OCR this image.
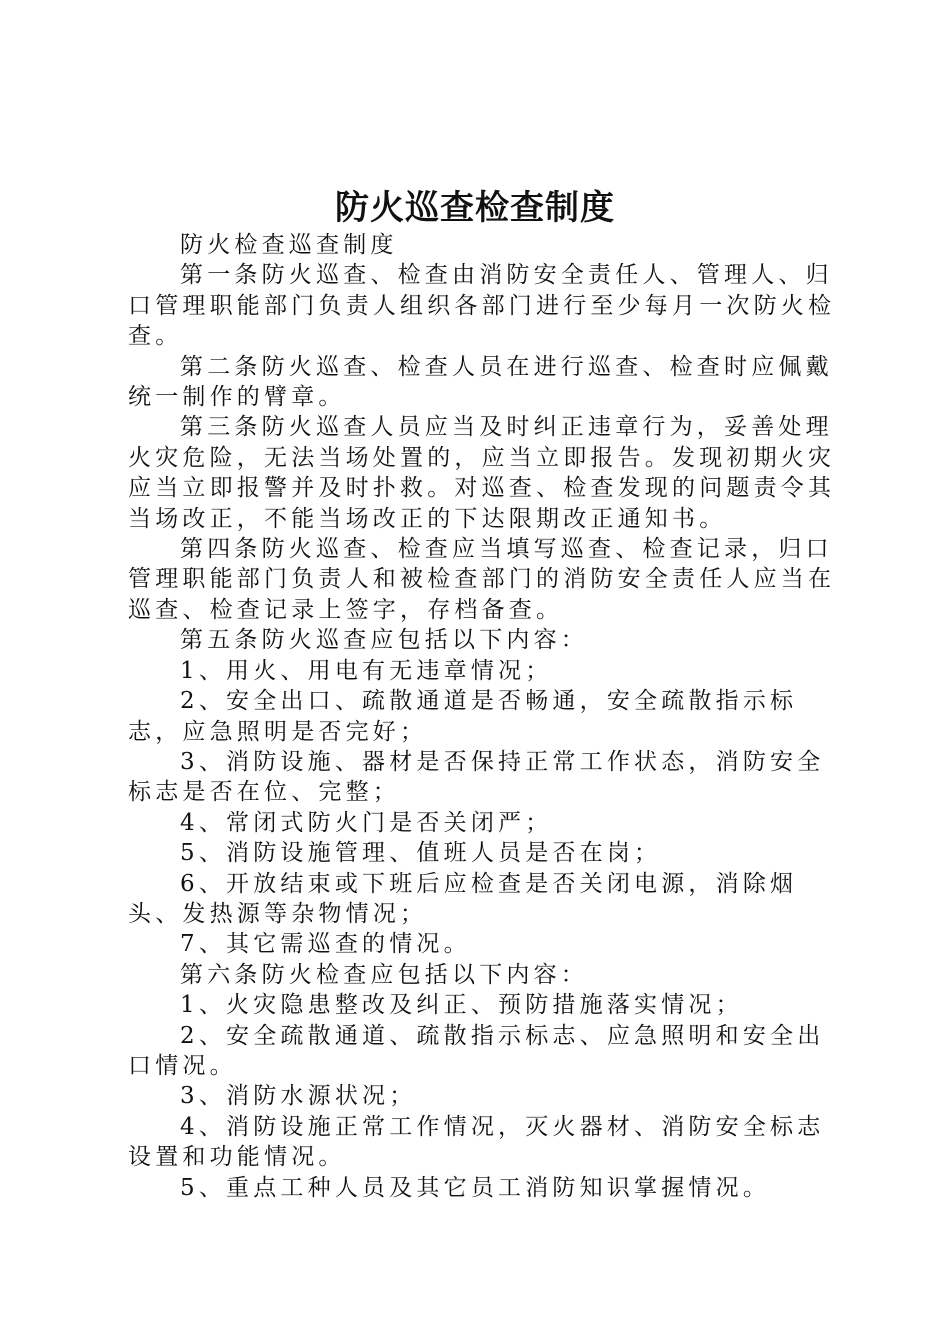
防火巡查检查制度

防火检查巡查制度

第一条防火巡查、检查由消防安全责任人、管理人、归口管理职能部门负责人组织各部门进行至少每月一次防火检查。

第二条防火巡查、检查人员在进行巡查、检查时应佩戴统一制作的臂章。

第三条防火巡查人员应当及时纠正违章行为，妥善处理火灾危险，无法当场处置的，应当立即报告。发现初期火灾应当立即报警并及时扑救。对巡查、检查发现的问题责令其当场改正，不能当场改正的下达限期改正通知书。

第四条防火巡查、检查应当填写巡查、检查记录，归口管理职能部门负责人和被检查部门的消防安全责任人应当在巡查、检查记录上签字，存档备查。

第五条防火巡查应包括以下内容：

1、用火、用电有无违章情况；

2、安全出口、疏散通道是否畅通，安全疏散指示标志，应急照明是否完好；

3、消防设施、器材是否保持正常工作状态，消防安全标志是否在位、完整；

4、常闭式防火门是否关闭严；

5、消防设施管理、值班人员是否在岗；

6、开放结束或下班后应检查是否关闭电源，消除烟头、发热源等杂物情况；

7、其它需巡查的情况。

第六条防火检查应包括以下内容：

1、火灾隐患整改及纠正、预防措施落实情况；

2、安全疏散通道、疏散指示标志、应急照明和安全出口情况。

3、消防水源状况；

4、消防设施正常工作情况，灭火器材、消防安全标志设置和功能情况。

5、重点工种人员及其它员工消防知识掌握情况。
